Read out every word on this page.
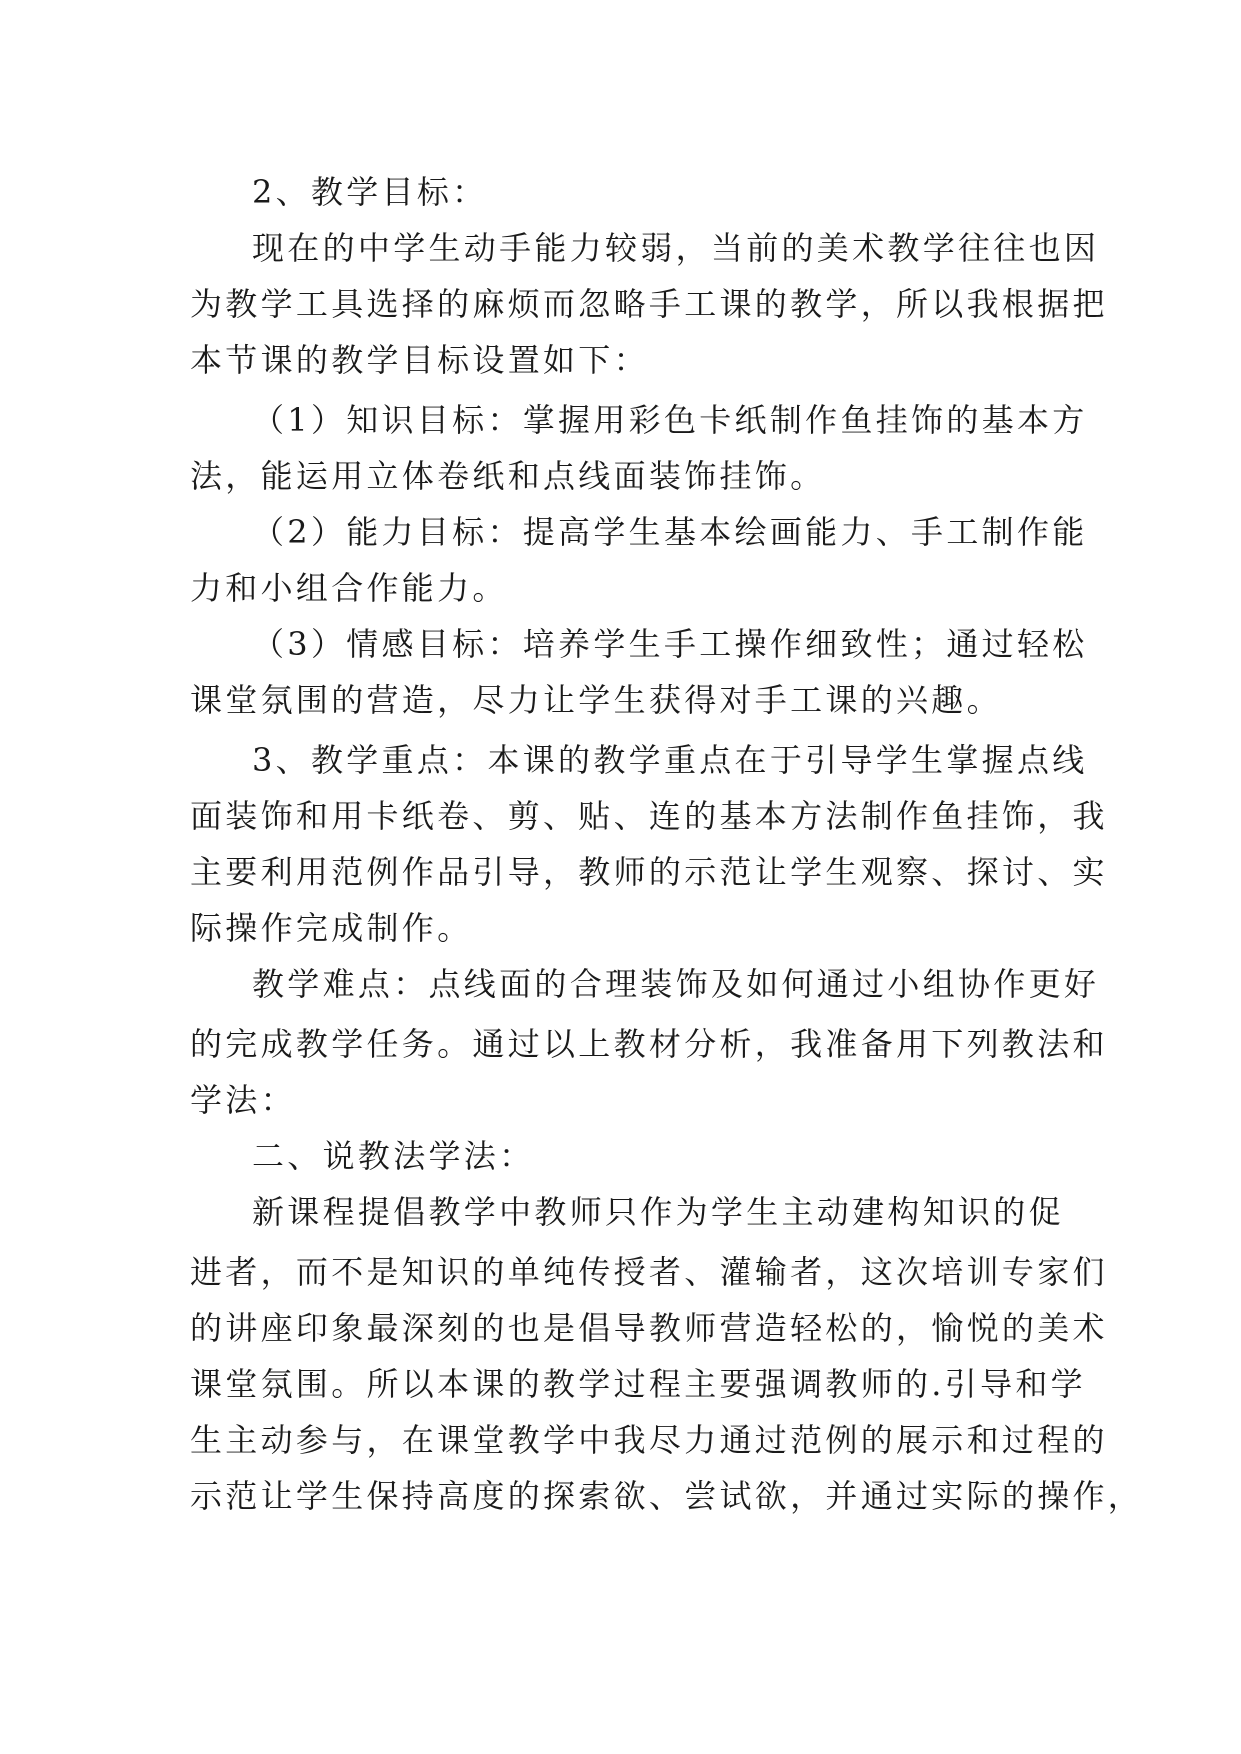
2、教学目标：
现在的中学生动手能力较弱，当前的美术教学往往也因
为教学工具选择的麻烦而忽略手工课的教学，所以我根据把
本节课的教学目标设置如下：
（1）知识目标：掌握用彩色卡纸制作鱼挂饰的基本方
法，能运用立体卷纸和点线面装饰挂饰。
（2）能力目标：提高学生基本绘画能力、手工制作能
力和小组合作能力。
（3）情感目标：培养学生手工操作细致性；通过轻松
课堂氛围的营造，尽力让学生获得对手工课的兴趣。
3、教学重点：本课的教学重点在于引导学生掌握点线
面装饰和用卡纸卷、剪、贴、连的基本方法制作鱼挂饰，我
主要利用范例作品引导，教师的示范让学生观察、探讨、实
际操作完成制作。
教学难点：点线面的合理装饰及如何通过小组协作更好
的完成教学任务。通过以上教材分析，我准备用下列教法和
学法：
二、说教法学法：
新课程提倡教学中教师只作为学生主动建构知识的促
进者，而不是知识的单纯传授者、灌输者，这次培训专家们
的讲座印象最深刻的也是倡导教师营造轻松的，愉悦的美术
课堂氛围。所以本课的教学过程主要强调教师的.引导和学
生主动参与，在课堂教学中我尽力通过范例的展示和过程的
示范让学生保持高度的探索欲、尝试欲，并通过实际的操作，
